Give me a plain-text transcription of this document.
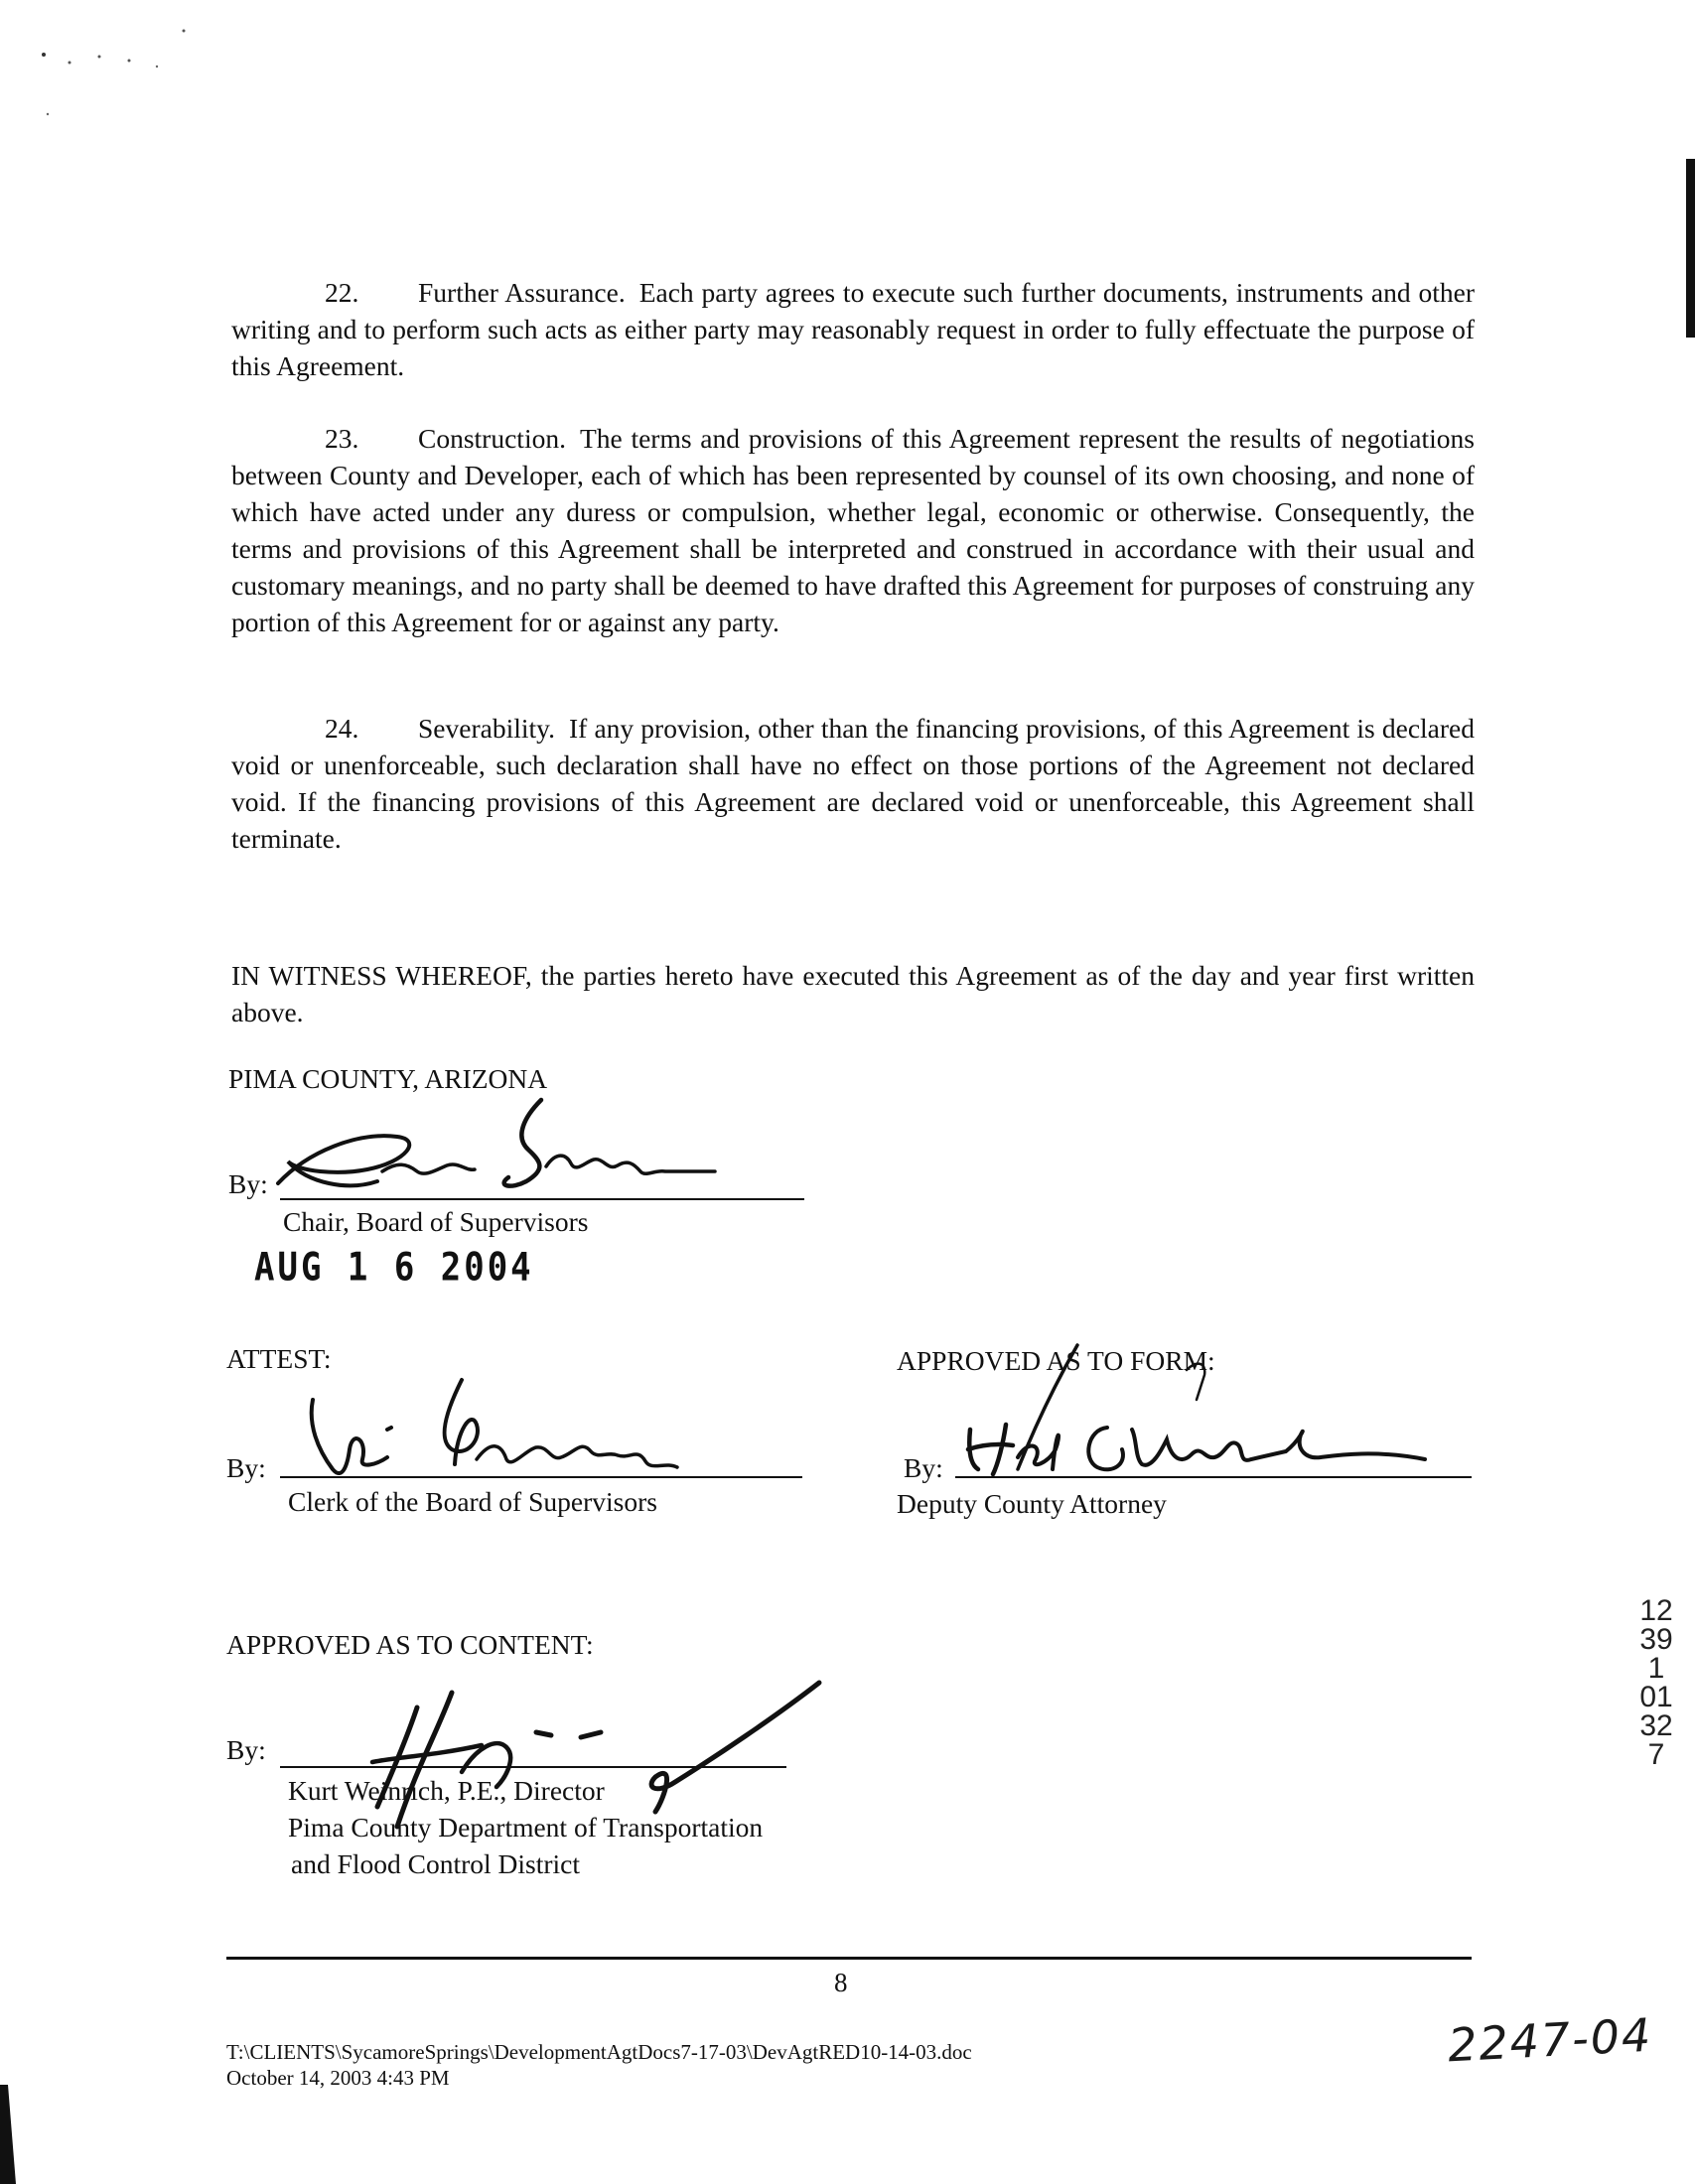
22. Further Assurance. Each party agrees to execute such further documents, instruments and other writing and to perform such acts as either party may reasonably request in order to fully effectuate the purpose of this Agreement.

23. Construction. The terms and provisions of this Agreement represent the results of negotiations between County and Developer, each of which has been represented by counsel of its own choosing, and none of which have acted under any duress or compulsion, whether legal, economic or otherwise. Consequently, the terms and provisions of this Agreement shall be interpreted and construed in accordance with their usual and customary meanings, and no party shall be deemed to have drafted this Agreement for purposes of construing any portion of this Agreement for or against any party.

24. Severability. If any provision, other than the financing provisions, of this Agreement is declared void or unenforceable, such declaration shall have no effect on those portions of the Agreement not declared void. If the financing provisions of this Agreement are declared void or unenforceable, this Agreement shall terminate.

IN WITNESS WHEREOF, the parties hereto have executed this Agreement as of the day and year first written above.

PIMA COUNTY, ARIZONA
By:
Chair, Board of Supervisors
AUG 1 6 2004
ATTEST:
By:
Clerk of the Board of Supervisors
APPROVED AS TO FORM:
By:
Deputy County Attorney
APPROVED AS TO CONTENT:
By:
Kurt Weinrich, P.E., Director
Pima County Department of Transportation
and Flood Control District
8
T:\CLIENTS\SycamoreSprings\DevelopmentAgtDocs7-17-03\DevAgtRED10-14-03.doc
October 14, 2003 4:43 PM
12391 01327
2247-04
